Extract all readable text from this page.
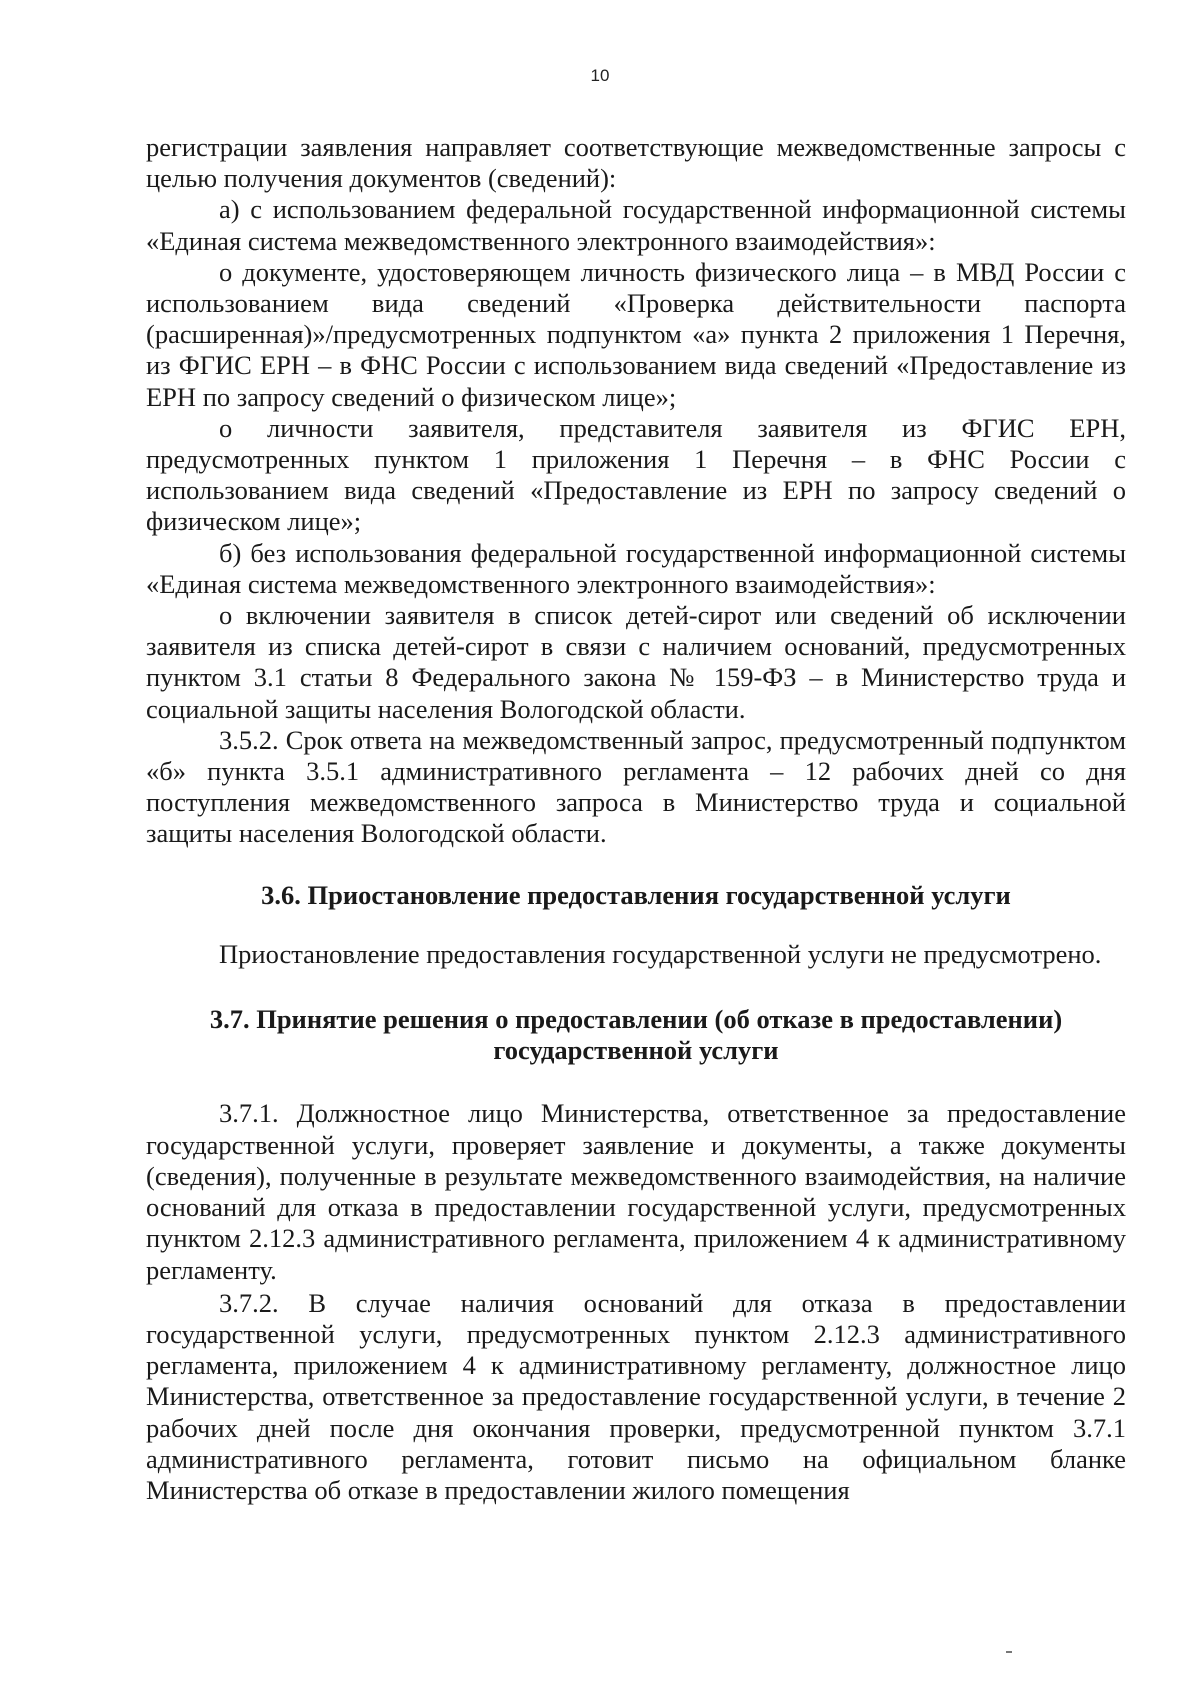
10

регистрации заявления направляет соответствующие межведомственные запросы с целью получения документов (сведений):

а) с использованием федеральной государственной информационной системы «Единая система межведомственного электронного взаимодействия»:

о документе, удостоверяющем личность физического лица – в МВД России с использованием вида сведений «Проверка действительности паспорта (расширенная)»/предусмотренных подпунктом «а» пункта 2 приложения 1 Перечня, из ФГИС ЕРН – в ФНС России с использованием вида сведений «Предоставление из ЕРН по запросу сведений о физическом лице»;

о личности заявителя, представителя заявителя из ФГИС ЕРН, предусмотренных пунктом 1 приложения 1 Перечня – в ФНС России с использованием вида сведений «Предоставление из ЕРН по запросу сведений о физическом лице»;

б) без использования федеральной государственной информационной системы «Единая система межведомственного электронного взаимодействия»:

о включении заявителя в список детей-сирот или сведений об исключении заявителя из списка детей-сирот в связи с наличием оснований, предусмотренных пунктом 3.1 статьи 8 Федерального закона № 159-ФЗ – в Министерство труда и социальной защиты населения Вологодской области.

3.5.2. Срок ответа на межведомственный запрос, предусмотренный подпунктом «б» пункта 3.5.1 административного регламента – 12 рабочих дней со дня поступления межведомственного запроса в Министерство труда и социальной защиты населения Вологодской области.

3.6. Приостановление предоставления государственной услуги

Приостановление предоставления государственной услуги не предусмотрено.

3.7. Принятие решения о предоставлении (об отказе в предоставлении)
государственной услуги

3.7.1. Должностное лицо Министерства, ответственное за предоставление государственной услуги, проверяет заявление и документы, а также документы (сведения), полученные в результате межведомственного взаимодействия, на наличие оснований для отказа в предоставлении государственной услуги, предусмотренных пунктом 2.12.3 административного регламента, приложением 4 к административному регламенту.

3.7.2. В случае наличия оснований для отказа в предоставлении государственной услуги, предусмотренных пунктом 2.12.3 административного регламента, приложением 4 к административному регламенту, должностное лицо Министерства, ответственное за предоставление государственной услуги, в течение 2 рабочих дней после дня окончания проверки, предусмотренной пунктом 3.7.1 административного регламента, готовит письмо на официальном бланке Министерства об отказе в предоставлении жилого помещения
